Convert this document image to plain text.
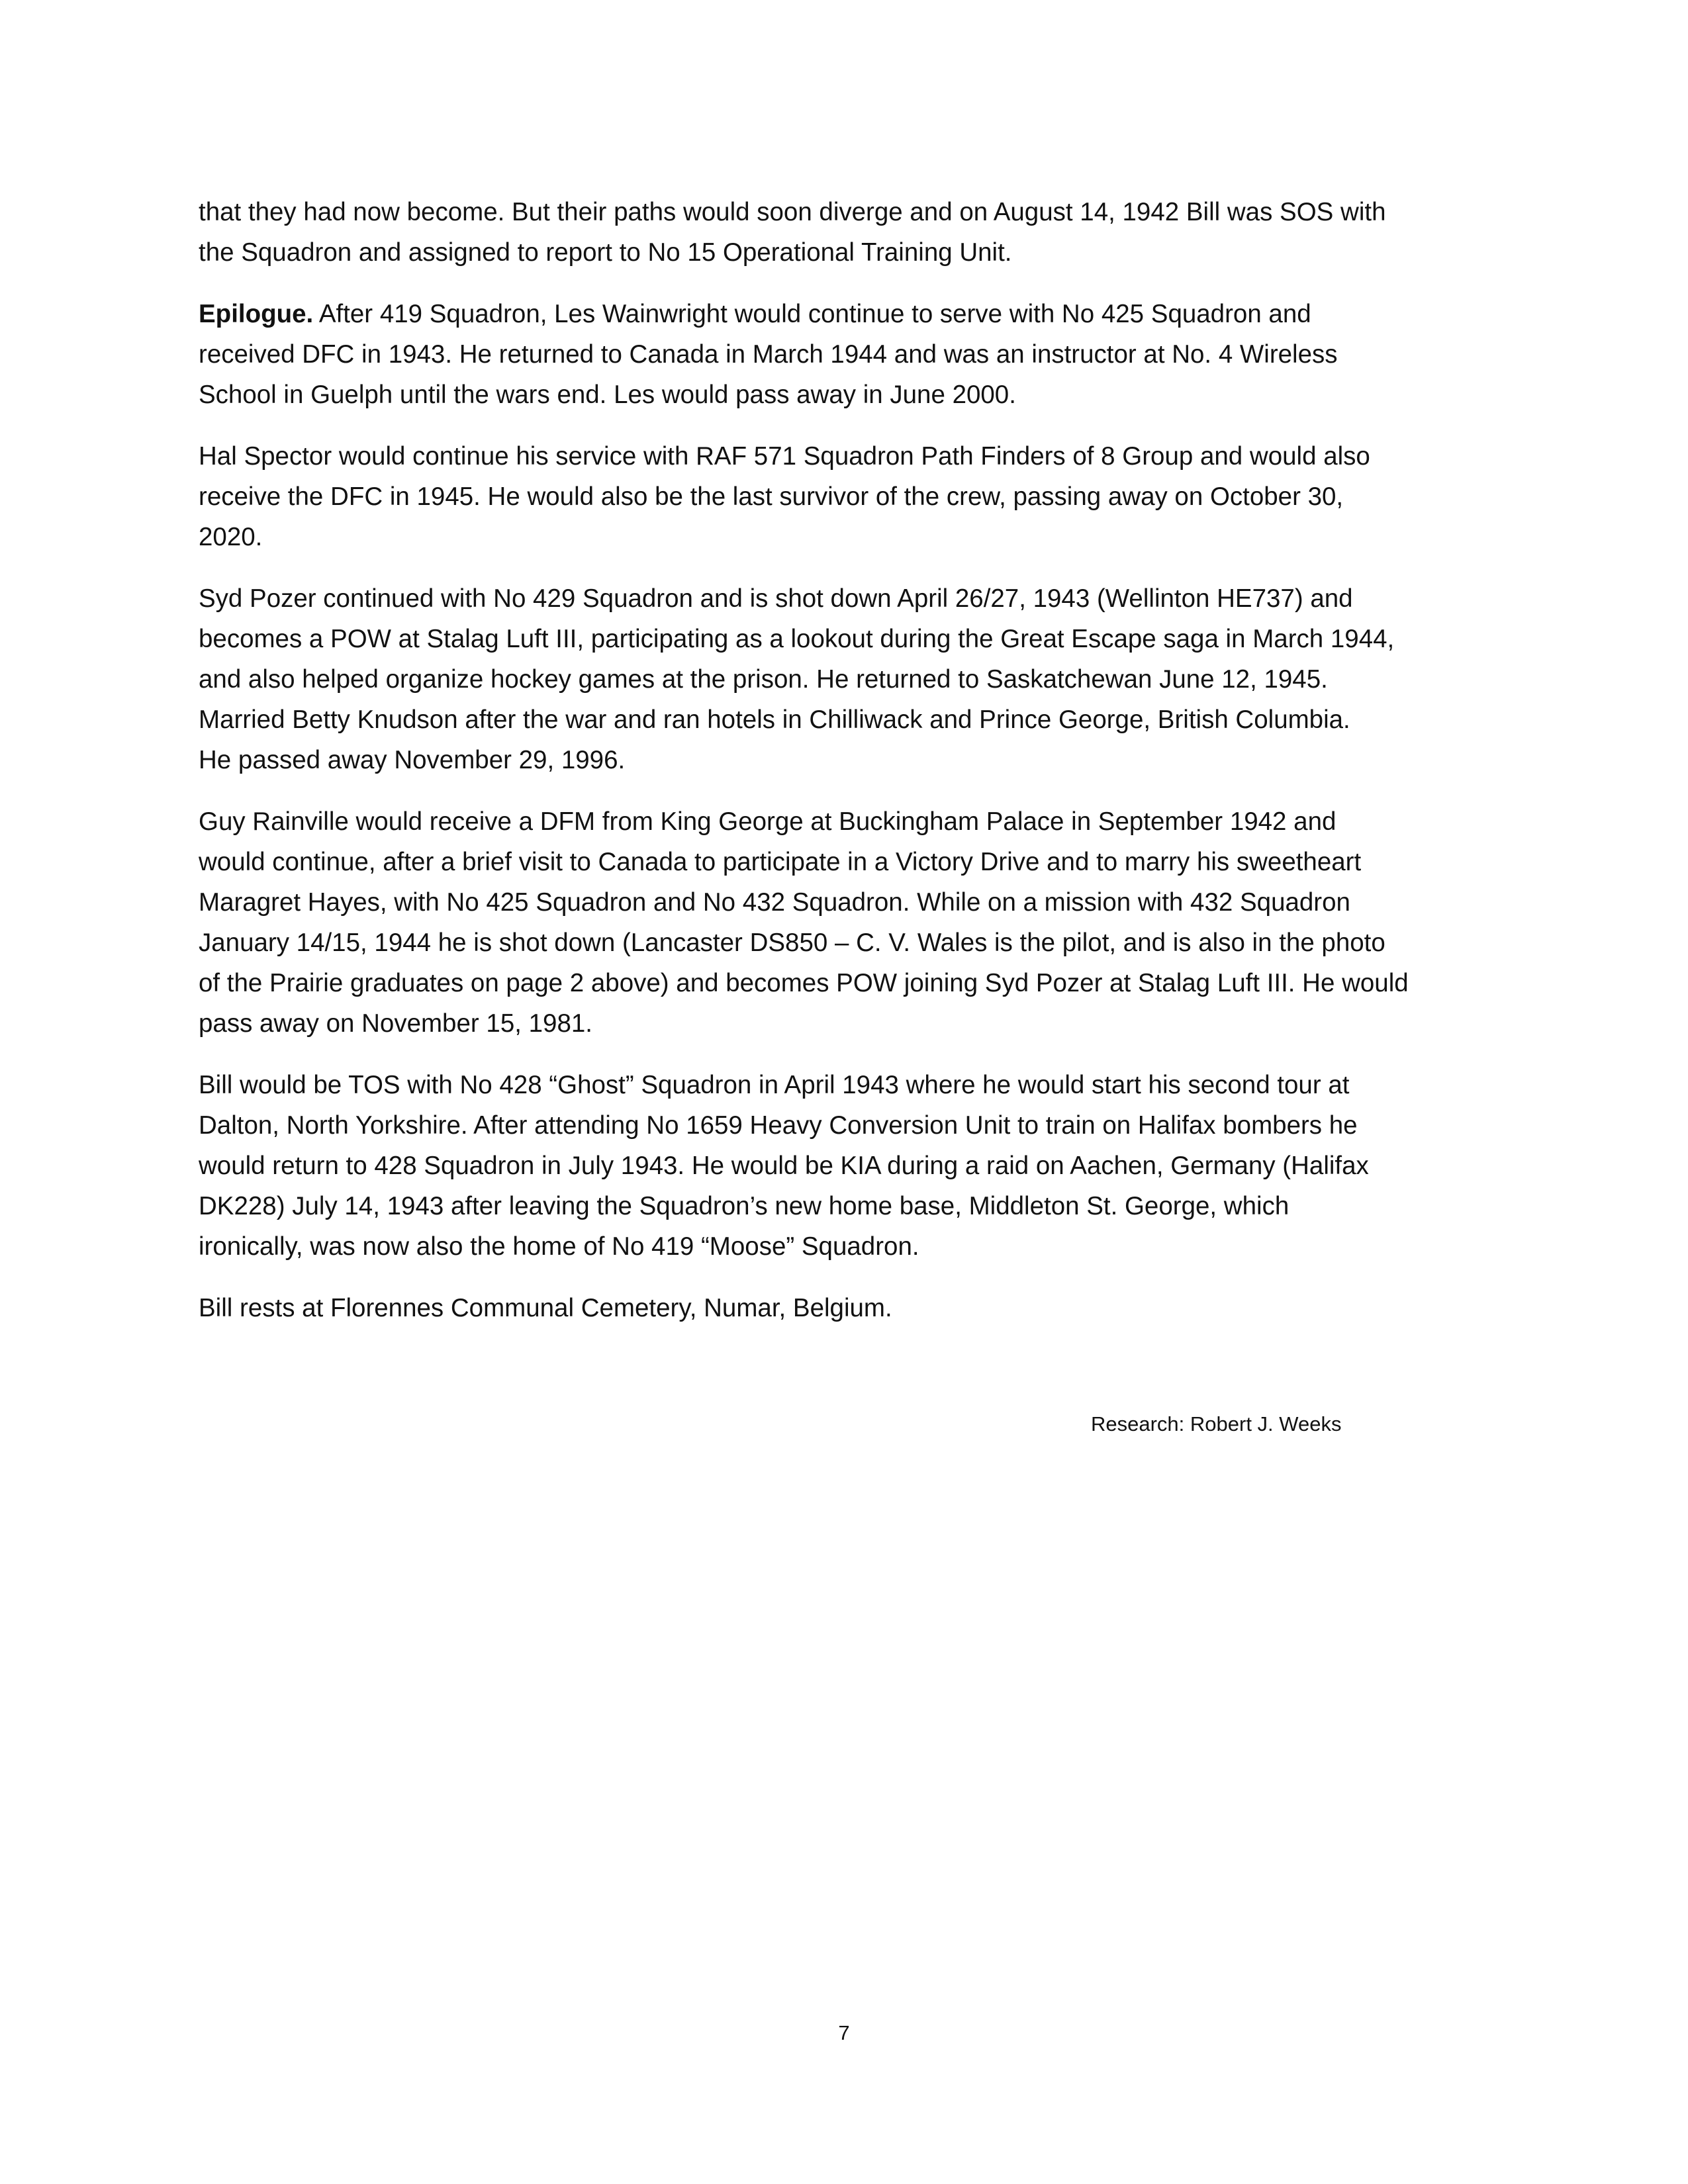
that they had now become. But their paths would soon diverge and on August 14, 1942 Bill was SOS with
the Squadron and assigned to report to No 15 Operational Training Unit.

Epilogue. After 419 Squadron, Les Wainwright would continue to serve with No 425 Squadron and
received DFC in 1943. He returned to Canada in March 1944 and was an instructor at No. 4 Wireless
School in Guelph until the wars end. Les would pass away in June 2000.

Hal Spector would continue his service with RAF 571 Squadron Path Finders of 8 Group and would also
receive the DFC in 1945. He would also be the last survivor of the crew, passing away on October 30,
2020.

Syd Pozer continued with No 429 Squadron and is shot down April 26/27, 1943 (Wellinton HE737) and
becomes a POW at Stalag Luft III, participating as a lookout during the Great Escape saga in March 1944,
and also helped organize hockey games at the prison. He returned to Saskatchewan June 12, 1945.
Married Betty Knudson after the war and ran hotels in Chilliwack and Prince George, British Columbia.
He passed away November 29, 1996.

Guy Rainville would receive a DFM from King George at Buckingham Palace in September 1942 and
would continue, after a brief visit to Canada to participate in a Victory Drive and to marry his sweetheart
Maragret Hayes, with No 425 Squadron and No 432 Squadron. While on a mission with 432 Squadron
January 14/15, 1944 he is shot down (Lancaster DS850 – C. V. Wales is the pilot, and is also in the photo
of the Prairie graduates on page 2 above) and becomes POW joining Syd Pozer at Stalag Luft III. He would
pass away on November 15, 1981.

Bill would be TOS with No 428 “Ghost” Squadron in April 1943 where he would start his second tour at
Dalton, North Yorkshire. After attending No 1659 Heavy Conversion Unit to train on Halifax bombers he
would return to 428 Squadron in July 1943. He would be KIA during a raid on Aachen, Germany (Halifax
DK228) July 14, 1943 after leaving the Squadron’s new home base, Middleton St. George, which
ironically, was now also the home of No 419 “Moose” Squadron.

Bill rests at Florennes Communal Cemetery, Numar, Belgium.

Research: Robert J. Weeks
7
